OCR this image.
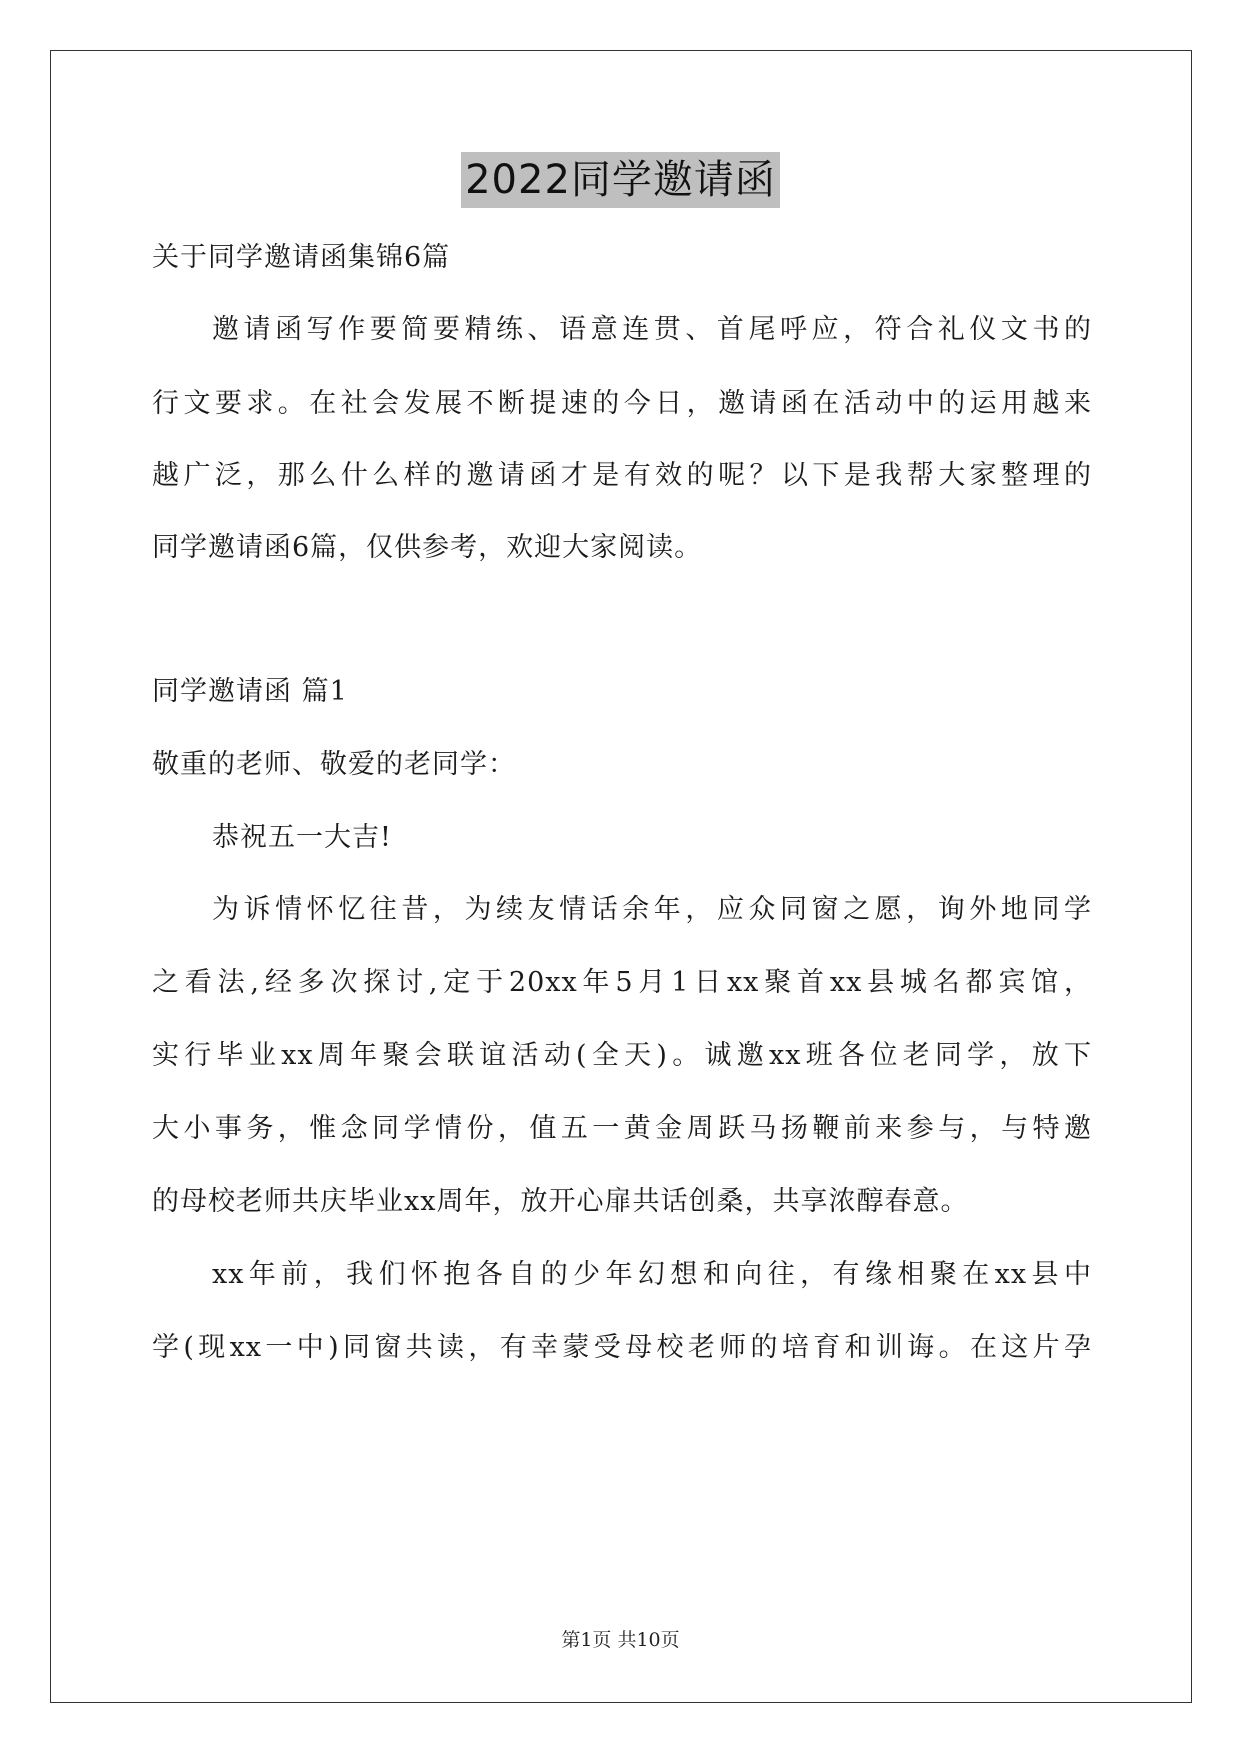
2022同学邀请函

关于同学邀请函集锦6篇

邀请函写作要简要精练、语意连贯、首尾呼应，符合礼仪文书的

行文要求。在社会发展不断提速的今日，邀请函在活动中的运用越来

越广泛，那么什么样的邀请函才是有效的呢？以下是我帮大家整理的

同学邀请函6篇，仅供参考，欢迎大家阅读。

同学邀请函 篇1

敬重的老师、敬爱的老同学：

恭祝五一大吉!

为诉情怀忆往昔，为续友情话余年，应众同窗之愿，询外地同学

之看法,经多次探讨,定于20xx年5月1日xx聚首xx县城名都宾馆，

实行毕业xx周年聚会联谊活动(全天)。诚邀xx班各位老同学，放下

大小事务，惟念同学情份，值五一黄金周跃马扬鞭前来参与，与特邀

的母校老师共庆毕业xx周年，放开心扉共话创桑，共享浓醇春意。

xx年前，我们怀抱各自的少年幻想和向往，有缘相聚在xx县中

学(现xx一中)同窗共读，有幸蒙受母校老师的培育和训诲。在这片孕

第1页 共10页
